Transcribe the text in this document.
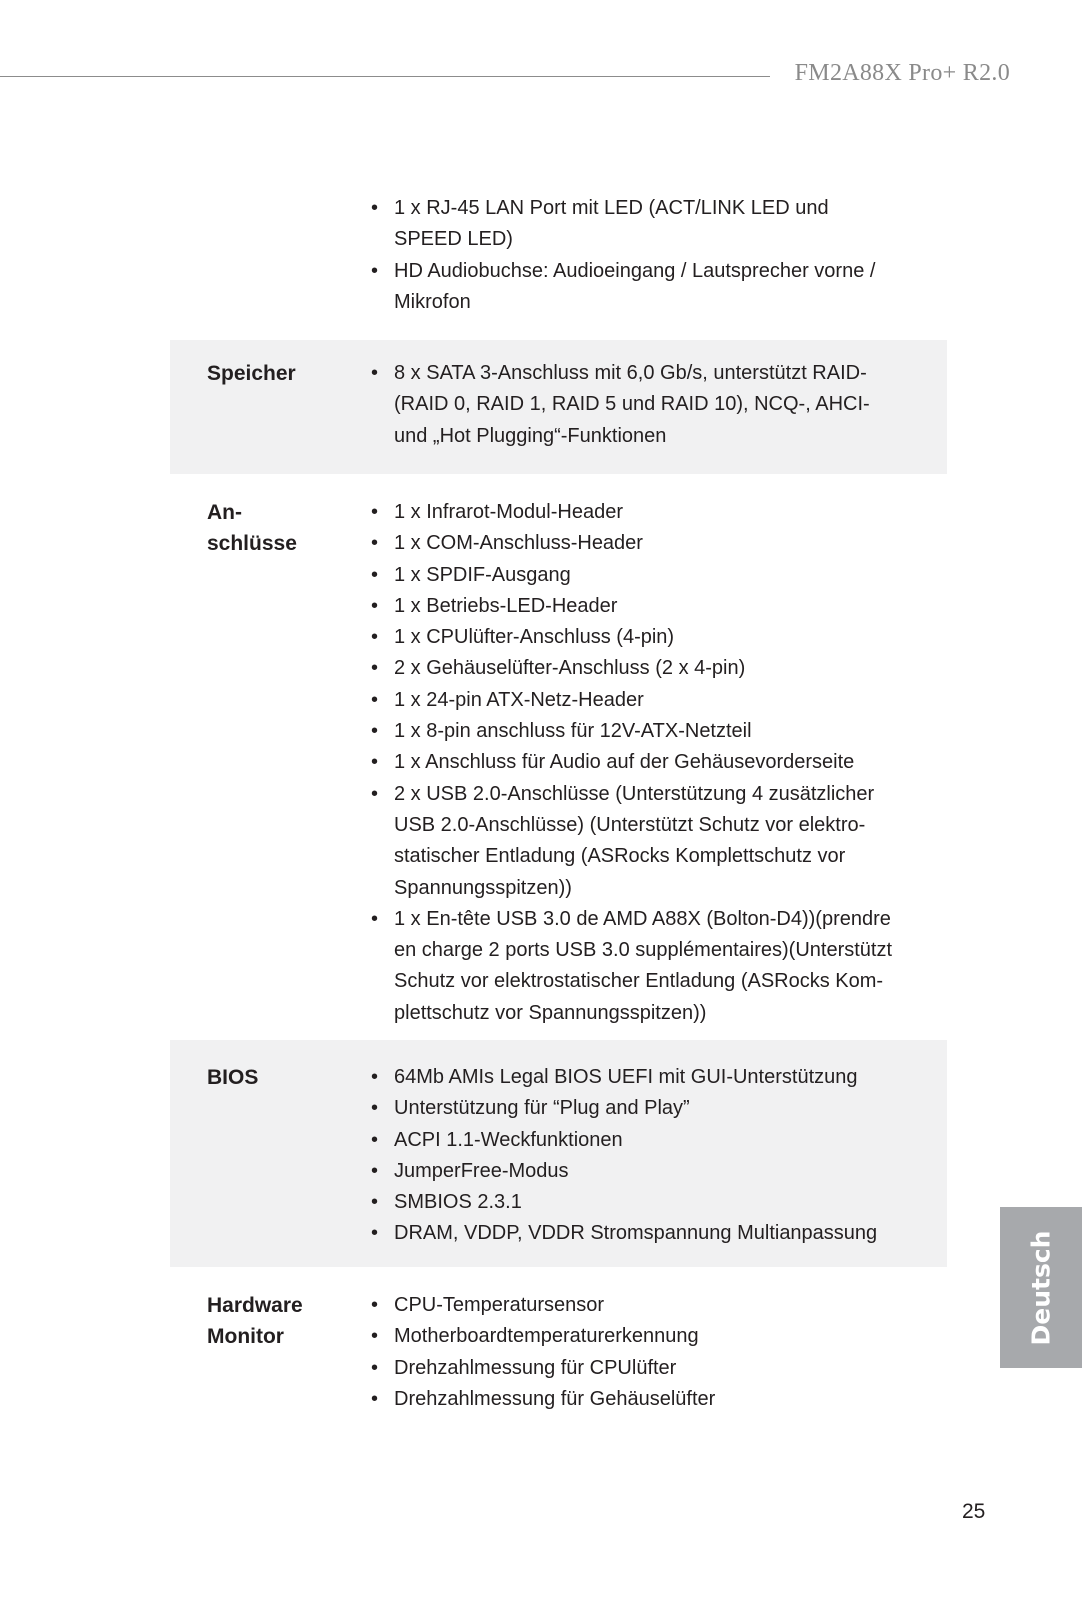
FM2A88X Pro+ R2.0
• 1 x RJ-45 LAN Port mit LED (ACT/LINK LED und
SPEED LED)
• HD Audiobuchse: Audioeingang / Lautsprecher vorne /
Mikrofon
Speicher	• 8 x SATA 3-Anschluss mit 6,0 Gb/s, unterstützt RAID-
(RAID 0, RAID 1, RAID 5 und RAID 10), NCQ-, AHCI-
und „Hot Plugging“-Funktionen
An-
schlüsse
• 1 x Infrarot-Modul-Header
• 1 x COM-Anschluss-Header
• 1 x SPDIF-Ausgang
• 1 x Betriebs-LED-Header
• 1 x CPUlüfter-Anschluss (4-pin)
• 2 x Gehäuselüfter-Anschluss (2 x 4-pin)
• 1 x 24-pin ATX-Netz-Header
• 1 x 8-pin anschluss für 12V-ATX-Netzteil
• 1 x Anschluss für Audio auf der Gehäusevorderseite
• 2 x USB 2.0-Anschlüsse (Unterstützung 4 zusätzlicher
USB 2.0-Anschlüsse) (Unterstützt Schutz vor elektro-
statischer Entladung (ASRocks Komplettschutz vor
Spannungsspitzen))
• 1 x En-tête USB 3.0 de AMD A88X (Bolton-D4))(prendre
en charge 2 ports USB 3.0 supplémentaires)(Unterstützt
Schutz vor elektrostatischer Entladung (ASRocks Kom-
plettschutz vor Spannungsspitzen))
BIOS	• 64Mb AMIs Legal BIOS UEFI mit GUI-Unterstützung
• Unterstützung für “Plug and Play”
• ACPI 1.1-Weckfunktionen
• JumperFree-Modus
• SMBIOS 2.3.1
• DRAM, VDDP, VDDR Stromspannung Multianpassung
Hardware
Monitor
• CPU-Temperatursensor
• Motherboardtemperaturerkennung
• Drehzahlmessung für CPUlüfter
• Drehzahlmessung für Gehäuselüfter
Deutsch
25
